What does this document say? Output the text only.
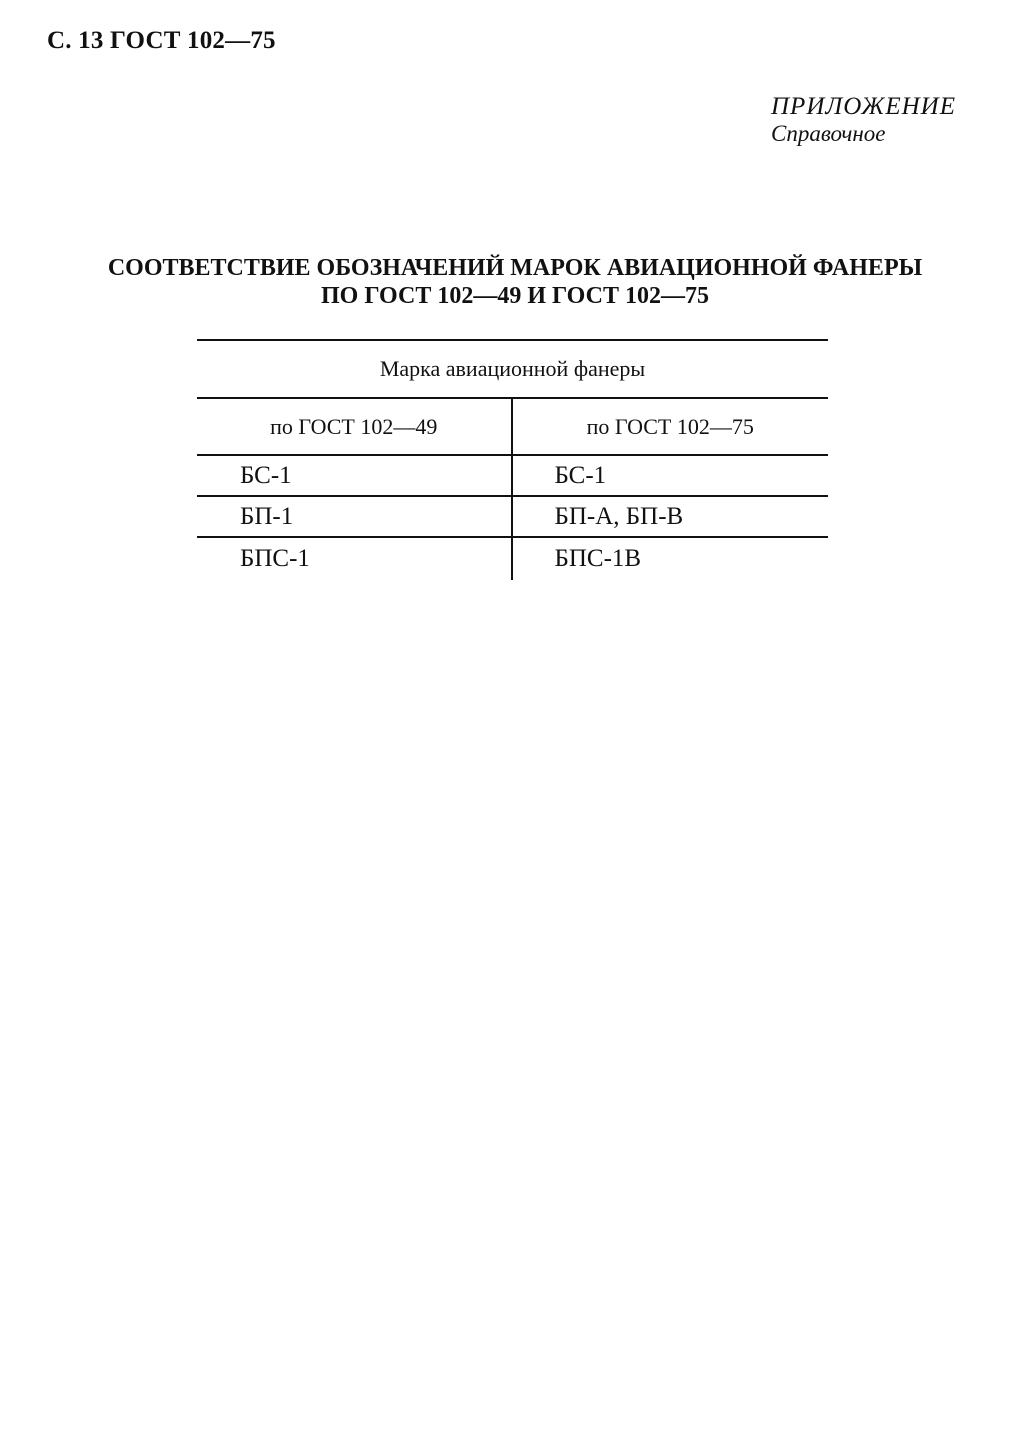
С. 13 ГОСТ 102—75
ПРИЛОЖЕНИЕ
Справочное
СООТВЕТСТВИЕ ОБОЗНАЧЕНИЙ МАРОК АВИАЦИОННОЙ ФАНЕРЫ
ПО ГОСТ 102—49 И ГОСТ 102—75
Марка авиационной фанеры
по ГОСТ 102—49	по ГОСТ 102—75
БС-1	БС-1
БП-1	БП-А, БП-В
БПС-1	БПС-1В
